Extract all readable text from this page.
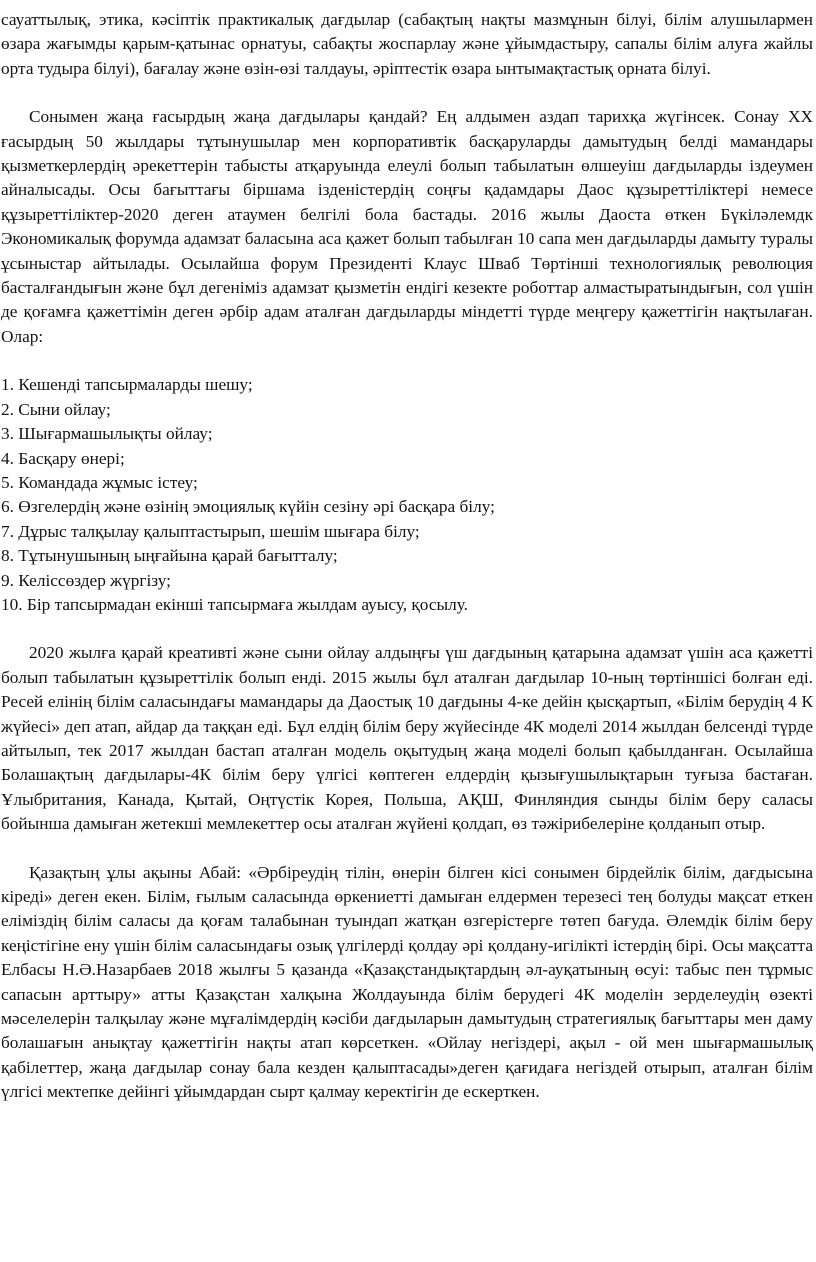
сауаттылық, этика, кәсіптік практикалық дағдылар (сабақтың нақты мазмұнын білуі, білім алушылармен өзара жағымды қарым-қатынас орнатуы, сабақты жоспарлау және ұйымдастыру, сапалы білім алуға жайлы орта тудыра білуі), бағалау және өзін-өзі талдауы, әріптестік өзара ынтымақтастық орната білуі.

Сонымен жаңа ғасырдың жаңа дағдылары қандай? Ең алдымен аздап тарихқа жүгінсек. Сонау XX ғасырдың 50 жылдары тұтынушылар мен корпоративтік басқаруларды дамытудың белді мамандары қызметкерлердің әрекеттерін табысты атқаруында елеулі болып табылатын өлшеуіш дағдыларды іздеумен айналысады. Осы бағыттағы біршама ізденістердің соңғы қадамдары Даос құзыреттіліктері немесе құзыреттіліктер-2020 деген атаумен белгілі бола бастады. 2016 жылы Даоста өткен Бүкіләлемдк Экономикалық форумда адамзат баласына аса қажет болып табылған 10 сапа мен дағдыларды дамыту туралы ұсыныстар айтылады. Осылайша форум Президенті Клаус Шваб Төртінші технологиялық революция басталғандығын және бұл дегеніміз адамзат қызметін ендігі кезекте роботтар алмастыратындығын, сол үшін де қоғамға қажеттімін деген әрбір адам аталған дағдыларды міндетті түрде меңгеру қажеттігін нақтылаған. Олар:

1. Кешенді тапсырмаларды шешу;
2. Сыни ойлау;
3. Шығармашылықты ойлау;
4. Басқару өнері;
5. Командада жұмыс істеу;
6. Өзгелердің және өзінің эмоциялық күйін сезіну әрі басқара білу;
7. Дұрыс талқылау қалыптастырып, шешім шығара білу;
8. Тұтынушының ыңғайына қарай бағытталу;
9. Келіссөздер жүргізу;
10. Бір тапсырмадан екінші тапсырмаға жылдам ауысу, қосылу.

2020 жылға қарай креативті және сыни ойлау алдыңғы үш дағдының қатарына адамзат үшін аса қажетті болып табылатын құзыреттілік болып енді. 2015 жылы бұл аталған дағдылар 10-ның төртіншісі болған еді. Ресей елінің білім саласындағы мамандары да Даостық 10 дағдыны 4-ке дейін қысқартып, «Білім берудің 4 К жүйесі» деп атап, айдар да таққан еді. Бұл елдің білім беру жүйесінде 4К моделі 2014 жылдан белсенді түрде айтылып, тек 2017 жылдан бастап аталған модель оқытудың жаңа моделі болып қабылданған. Осылайша Болашақтың дағдылары-4К білім беру үлгісі көптеген елдердің қызығушылықтарын туғыза бастаған. Ұлыбритания, Канада, Қытай, Оңтүстік Корея, Польша, АҚШ, Финляндия сынды білім беру саласы бойынша дамыған жетекші мемлекеттер осы аталған жүйені қолдап, өз тәжірибелеріне қолданып отыр.

Қазақтың ұлы ақыны Абай: «Әрбіреудің тілін, өнерін білген кісі сонымен бірдейлік білім, дағдысына кіреді» деген екен. Білім, ғылым саласында өркениетті дамыған елдермен терезесі тең болуды мақсат еткен еліміздің білім саласы да қоғам талабынан туындап жатқан өзгерістерге төтеп бағуда. Әлемдік білім беру кеңістігіне ену үшін білім саласындағы озық үлгілерді қолдау әрі қолдану-игілікті істердің бірі. Осы мақсатта Елбасы Н.Ә.Назарбаев 2018 жылғы 5 қазанда «Қазақстандықтардың әл-ауқатының өсуі: табыс пен тұрмыс сапасын арттыру» атты Қазақстан халқына Жолдауында білім берудегі 4К моделін зерделеудің өзекті мәселелерін талқылау және мұғалімдердің кәсіби дағдыларын дамытудың стратегиялық бағыттары мен даму болашағын анықтау қажеттігін нақты атап көрсеткен. «Ойлау негіздері, ақыл - ой мен шығармашылық қабілеттер, жаңа дағдылар сонау бала кезден қалыптасады»деген қағидаға негіздей отырып, аталған білім үлгісі мектепке дейінгі ұйымдардан сырт қалмау керектігін де ескерткен.
